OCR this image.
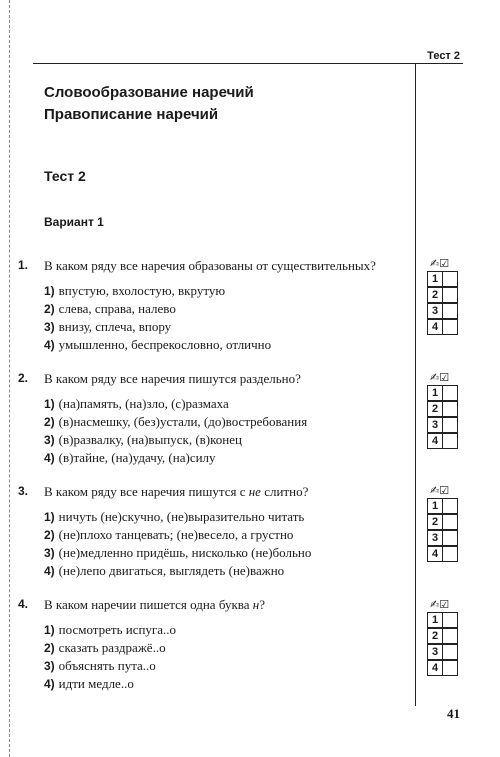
Тест 2
Словообразование наречий
Правописание наречий
Тест 2
Вариант 1
1. В каком ряду все наречия образованы от существительных?
1) впустую, вхолостую, вкрутую
2) слева, справа, налево
3) внизу, сплеча, впору
4) умышленно, беспрекословно, отлично
2. В каком ряду все наречия пишутся раздельно?
1) (на)память, (на)зло, (с)размаха
2) (в)насмешку, (без)устали, (до)востребования
3) (в)развалку, (на)выпуск, (в)конец
4) (в)тайне, (на)удачу, (на)силу
3. В каком ряду все наречия пишутся с не слитно?
1) ничуть (не)скучно, (не)выразительно читать
2) (не)плохо танцевать; (не)весело, а грустно
3) (не)медленно придёшь, нисколько (не)больно
4) (не)лепо двигаться, выглядеть (не)важно
4. В каком наречии пишется одна буква н?
1) посмотреть испуга..о
2) сказать раздражё..о
3) объяснять пута..о
4) идти медле..о
✍☑
1
2
3
4
✍☑
1
2
3
4
✍☑
1
2
3
4
✍☑
1
2
3
4
41
